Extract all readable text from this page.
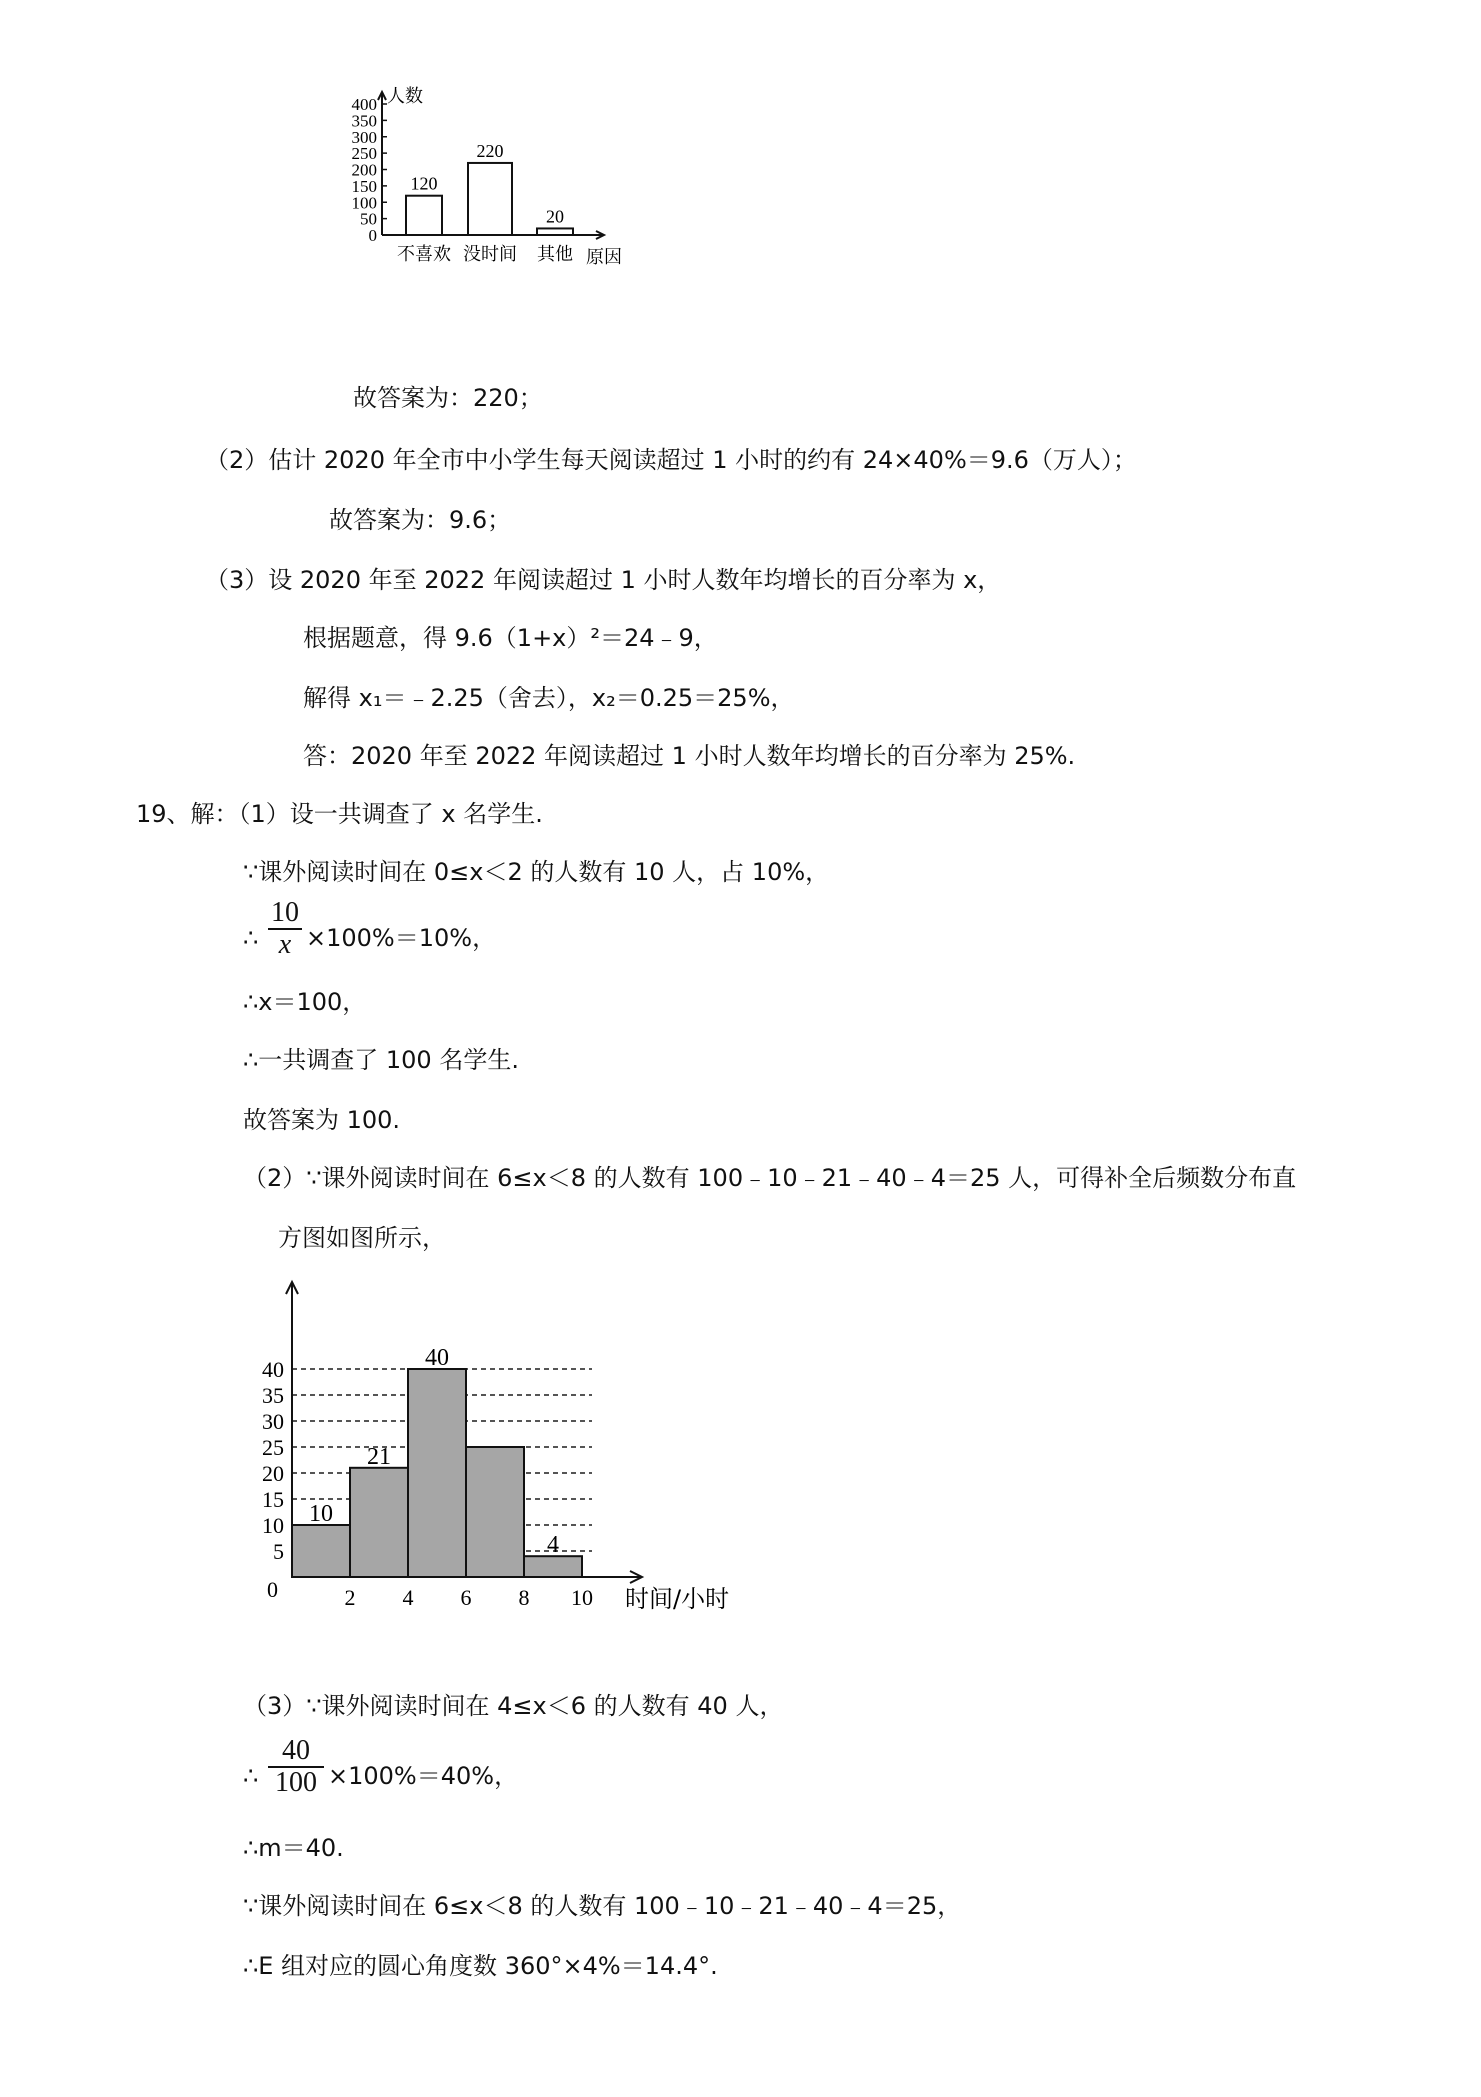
0
50
100
150
200
250
300
350
400 人数
120
不喜欢
220
没时间
20
其他 原因
故答案为：220；
（2）估计 2020 年全市中小学生每天阅读超过 1 小时的约有 24×40%＝9.6（万人）；
故答案为：9.6；
（3）设 2020 年至 2022 年阅读超过 1 小时人数年均增长的百分率为 x，
根据题意，得 9.6（1+x）²＝24﹣9，
解得 x₁＝﹣2.25（舍去），x₂＝0.25＝25%，
答：2020 年至 2022 年阅读超过 1 小时人数年均增长的百分率为 25%.
19、解：（1）设一共调查了 x 名学生.
∵课外阅读时间在 0≤x＜2 的人数有 10 人，占 10%，
∴ $\frac{10}{x} \times 100\%=10\%$，
∴x＝100，
∴一共调查了 100 名学生.
故答案为 100.
（2）∵课外阅读时间在 6≤x＜8 的人数有 100﹣10﹣21﹣40﹣4＝25 人，可得补全后频数分布直
方图如图所示，
5
10
15
20
25
30
35
40
0
10
21
40
4
2 4 6 8 10 时间/小时
（3）∵课外阅读时间在 4≤x＜6 的人数有 40 人，
∴ $\frac{40}{100} \times 100\%=40\%$，
∴m＝40.
∵课外阅读时间在 6≤x＜8 的人数有 100﹣10﹣21﹣40﹣4＝25，
∴E 组对应的圆心角度数 360°×4%＝14.4°.
